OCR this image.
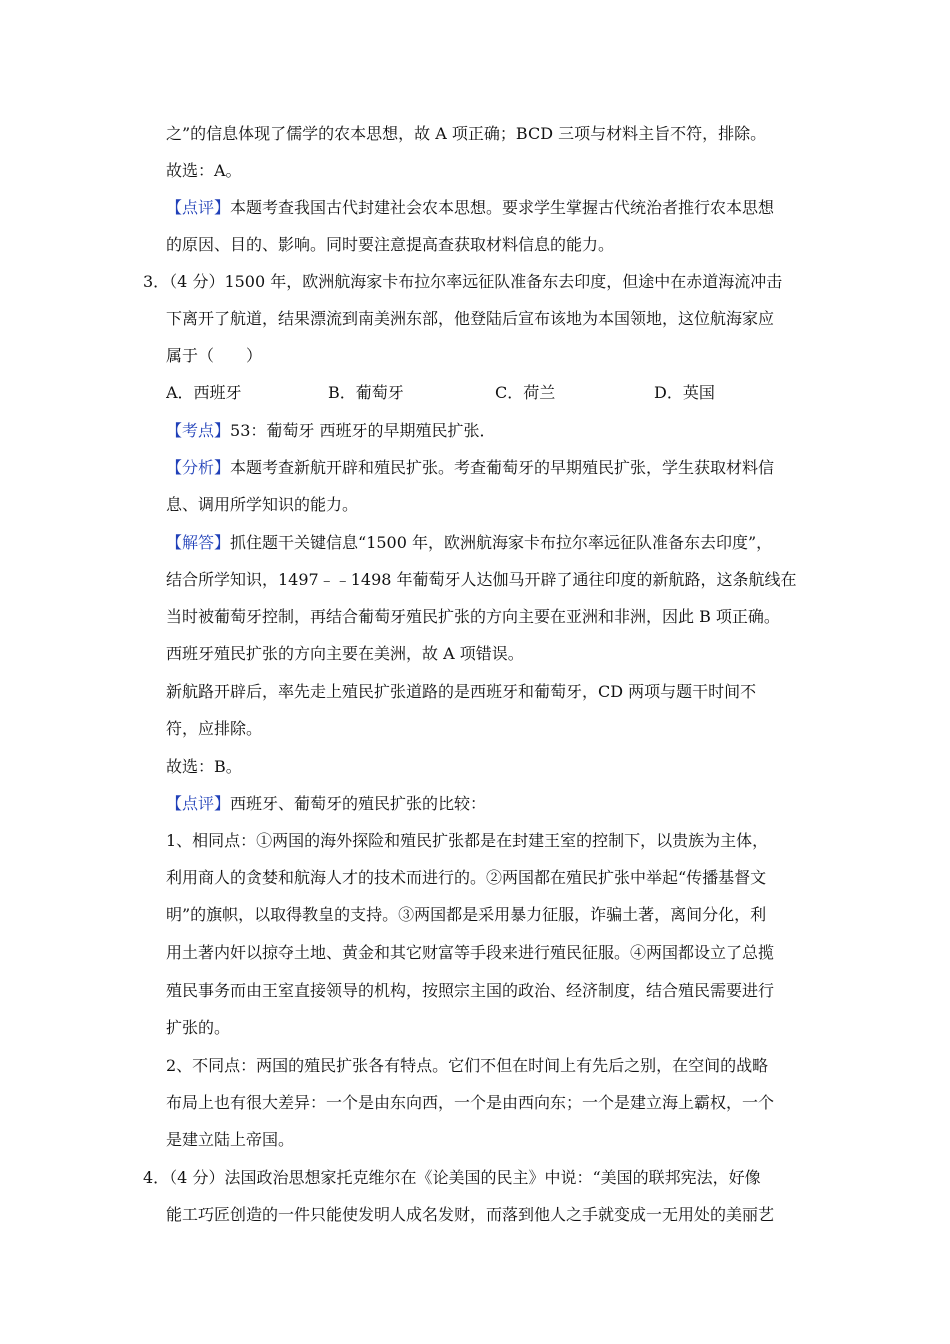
之”的信息体现了儒学的农本思想，故 A 项正确；BCD 三项与材料主旨不符，排除。
故选：A。
【点评】本题考查我国古代封建社会农本思想。要求学生掌握古代统治者推行农本思想
的原因、目的、影响。同时要注意提高查获取材料信息的能力。
3．（4 分）1500 年，欧洲航海家卡布拉尔率远征队准备东去印度，但途中在赤道海流冲击
下离开了航道，结果漂流到南美洲东部，他登陆后宣布该地为本国领地，这位航海家应
属于（　　）
A．西班牙	B．葡萄牙	C．荷兰	D．英国
【考点】53：葡萄牙 西班牙的早期殖民扩张．
【分析】本题考查新航开辟和殖民扩张。考查葡萄牙的早期殖民扩张，学生获取材料信
息、调用所学知识的能力。
【解答】抓住题干关键信息“1500 年，欧洲航海家卡布拉尔率远征队准备东去印度”，
结合所学知识，1497﹣﹣1498 年葡萄牙人达伽马开辟了通往印度的新航路，这条航线在
当时被葡萄牙控制，再结合葡萄牙殖民扩张的方向主要在亚洲和非洲，因此 B 项正确。
西班牙殖民扩张的方向主要在美洲，故 A 项错误。
新航路开辟后，率先走上殖民扩张道路的是西班牙和葡萄牙，CD 两项与题干时间不
符，应排除。
故选：B。
【点评】西班牙、葡萄牙的殖民扩张的比较：
1、相同点：①两国的海外探险和殖民扩张都是在封建王室的控制下，以贵族为主体，
利用商人的贪婪和航海人才的技术而进行的。②两国都在殖民扩张中举起“传播基督文
明”的旗帜，以取得教皇的支持。③两国都是采用暴力征服，诈骗土著，离间分化，利
用土著内奸以掠夺土地、黄金和其它财富等手段来进行殖民征服。④两国都设立了总揽
殖民事务而由王室直接领导的机构，按照宗主国的政治、经济制度，结合殖民需要进行
扩张的。
2、不同点：两国的殖民扩张各有特点。它们不但在时间上有先后之别，在空间的战略
布局上也有很大差异：一个是由东向西，一个是由西向东；一个是建立海上霸权，一个
是建立陆上帝国。
4．（4 分）法国政治思想家托克维尔在《论美国的民主》中说：“美国的联邦宪法，好像
能工巧匠创造的一件只能使发明人成名发财，而落到他人之手就变成一无用处的美丽艺
